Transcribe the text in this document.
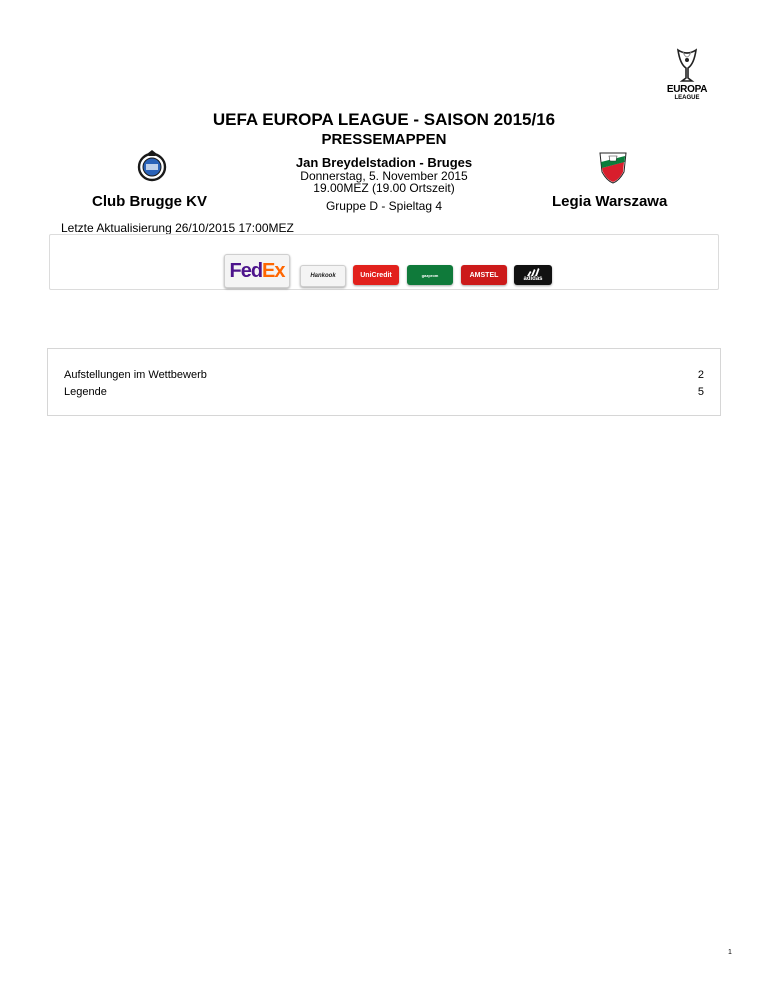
EUROPA
LEAGUE
UEFA EUROPA LEAGUE - SAISON 2015/16
PRESSEMAPPEN
Jan Breydelstadion - Bruges
Donnerstag, 5. November 2015
19.00MEZ (19.00 Ortszeit)
Gruppe D - Spieltag 4
Club Brugge KV	Legia Warszawa
Letzte Aktualisierung 26/10/2015 17:00MEZ
Fed Ex	Hankook	UniCredit	gazprom	AMSTEL
adidas
Aufstellungen im Wettbewerb	2
Legende	5
1
